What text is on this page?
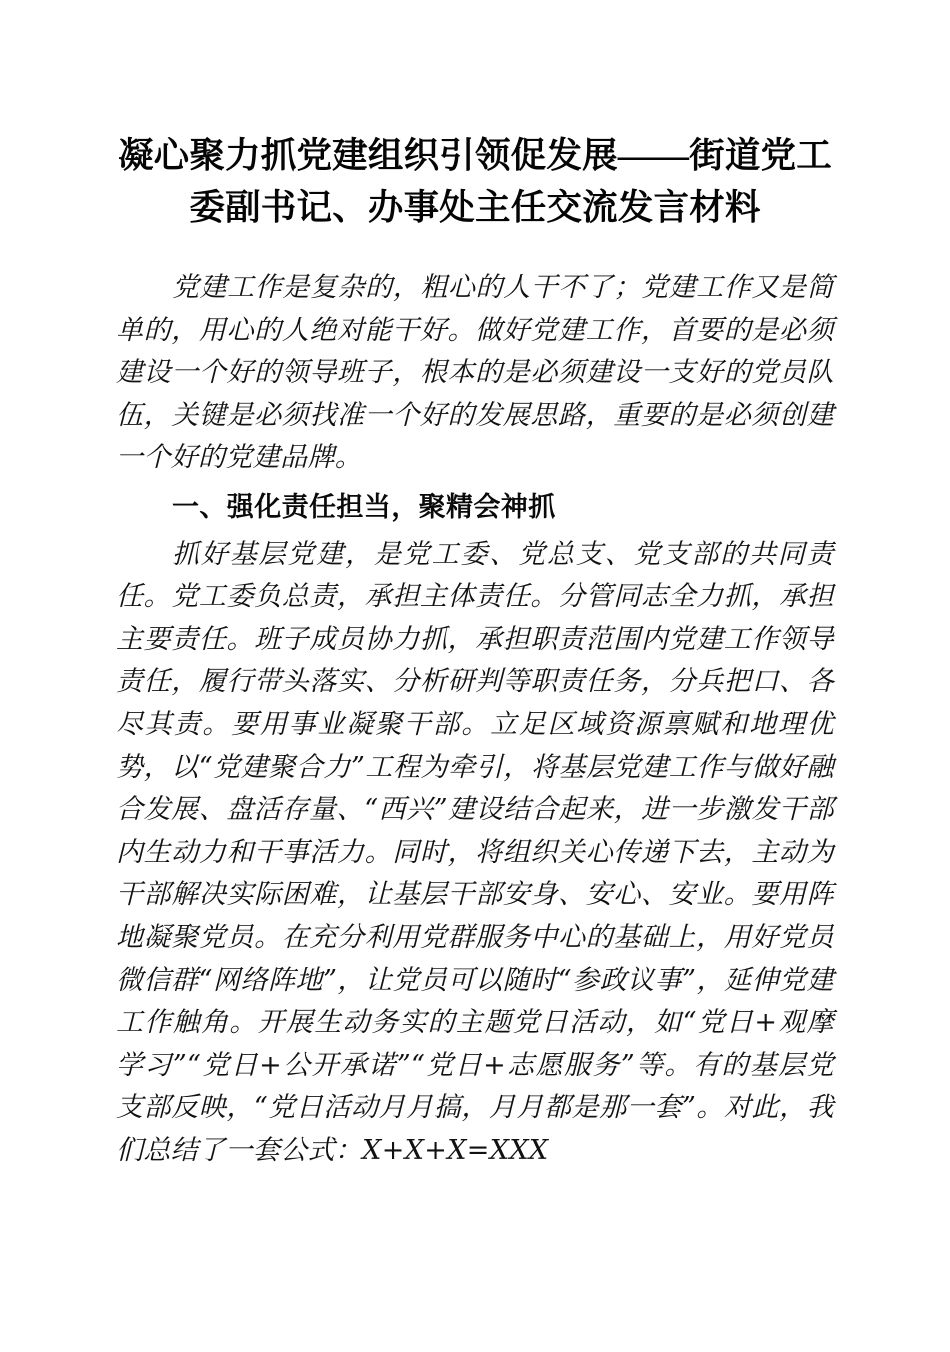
凝心聚力抓党建组织引领促发展——街道党工委副书记、办事处主任交流发言材料

党建工作是复杂的，粗心的人干不了；党建工作又是简单的，用心的人绝对能干好。做好党建工作，首要的是必须建设一个好的领导班子，根本的是必须建设一支好的党员队伍，关键是必须找准一个好的发展思路，重要的是必须创建一个好的党建品牌。

一、强化责任担当，聚精会神抓

抓好基层党建，是党工委、党总支、党支部的共同责任。党工委负总责，承担主体责任。分管同志全力抓，承担主要责任。班子成员协力抓，承担职责范围内党建工作领导责任，履行带头落实、分析研判等职责任务，分兵把口、各尽其责。要用事业凝聚干部。立足区域资源禀赋和地理优势，以“党建聚合力”工程为牵引，将基层党建工作与做好融合发展、盘活存量、“西兴”建设结合起来，进一步激发干部内生动力和干事活力。同时，将组织关心传递下去，主动为干部解决实际困难，让基层干部安身、安心、安业。要用阵地凝聚党员。在充分利用党群服务中心的基础上，用好党员微信群“网络阵地”，让党员可以随时“参政议事”，延伸党建工作触角。开展生动务实的主题党日活动，如“党日+观摩学习”“党日+公开承诺”“党日+志愿服务”等。有的基层党支部反映，“党日活动月月搞，月月都是那一套”。对此，我们总结了一套公式：X+X+X=XXX
